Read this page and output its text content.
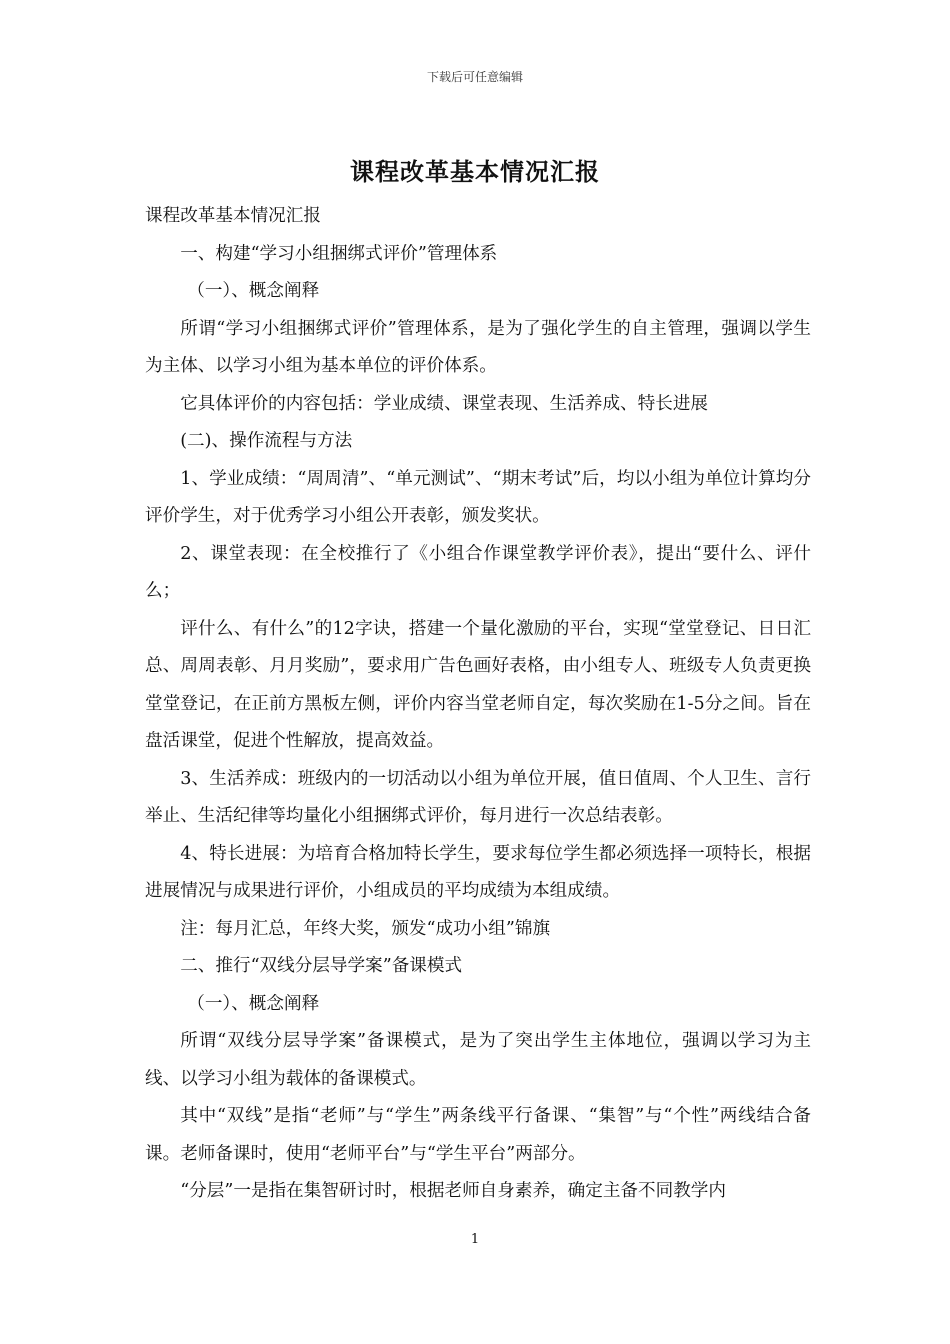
下载后可任意编辑
课程改革基本情况汇报

课程改革基本情况汇报

一、构建“学习小组捆绑式评价”管理体系

（一）、概念阐释

所谓“学习小组捆绑式评价”管理体系，是为了强化学生的自主管理，强调以学生为主体、以学习小组为基本单位的评价体系。

它具体评价的内容包括：学业成绩、课堂表现、生活养成、特长进展

(二)、操作流程与方法

1、学业成绩：“周周清”、“单元测试”、“期末考试”后，均以小组为单位计算均分评价学生，对于优秀学习小组公开表彰，颁发奖状。

2、课堂表现：在全校推行了《小组合作课堂教学评价表》，提出“要什么、评什么；

评什么、有什么”的12字诀，搭建一个量化激励的平台，实现“堂堂登记、日日汇总、周周表彰、月月奖励”，要求用广告色画好表格，由小组专人、班级专人负责更换堂堂登记，在正前方黑板左侧，评价内容当堂老师自定，每次奖励在1-5分之间。旨在盘活课堂，促进个性解放，提高效益。

3、生活养成：班级内的一切活动以小组为单位开展，值日值周、个人卫生、言行举止、生活纪律等均量化小组捆绑式评价，每月进行一次总结表彰。

4、特长进展：为培育合格加特长学生，要求每位学生都必须选择一项特长，根据进展情况与成果进行评价，小组成员的平均成绩为本组成绩。

注：每月汇总，年终大奖，颁发“成功小组”锦旗

二、推行“双线分层导学案”备课模式

（一）、概念阐释

所谓“双线分层导学案”备课模式，是为了突出学生主体地位，强调以学习为主线、以学习小组为载体的备课模式。

其中“双线”是指“老师”与“学生”两条线平行备课、“集智”与“个性”两线结合备课。老师备课时，使用“老师平台”与“学生平台”两部分。

“分层”一是指在集智研讨时，根据老师自身素养，确定主备不同教学内

1
